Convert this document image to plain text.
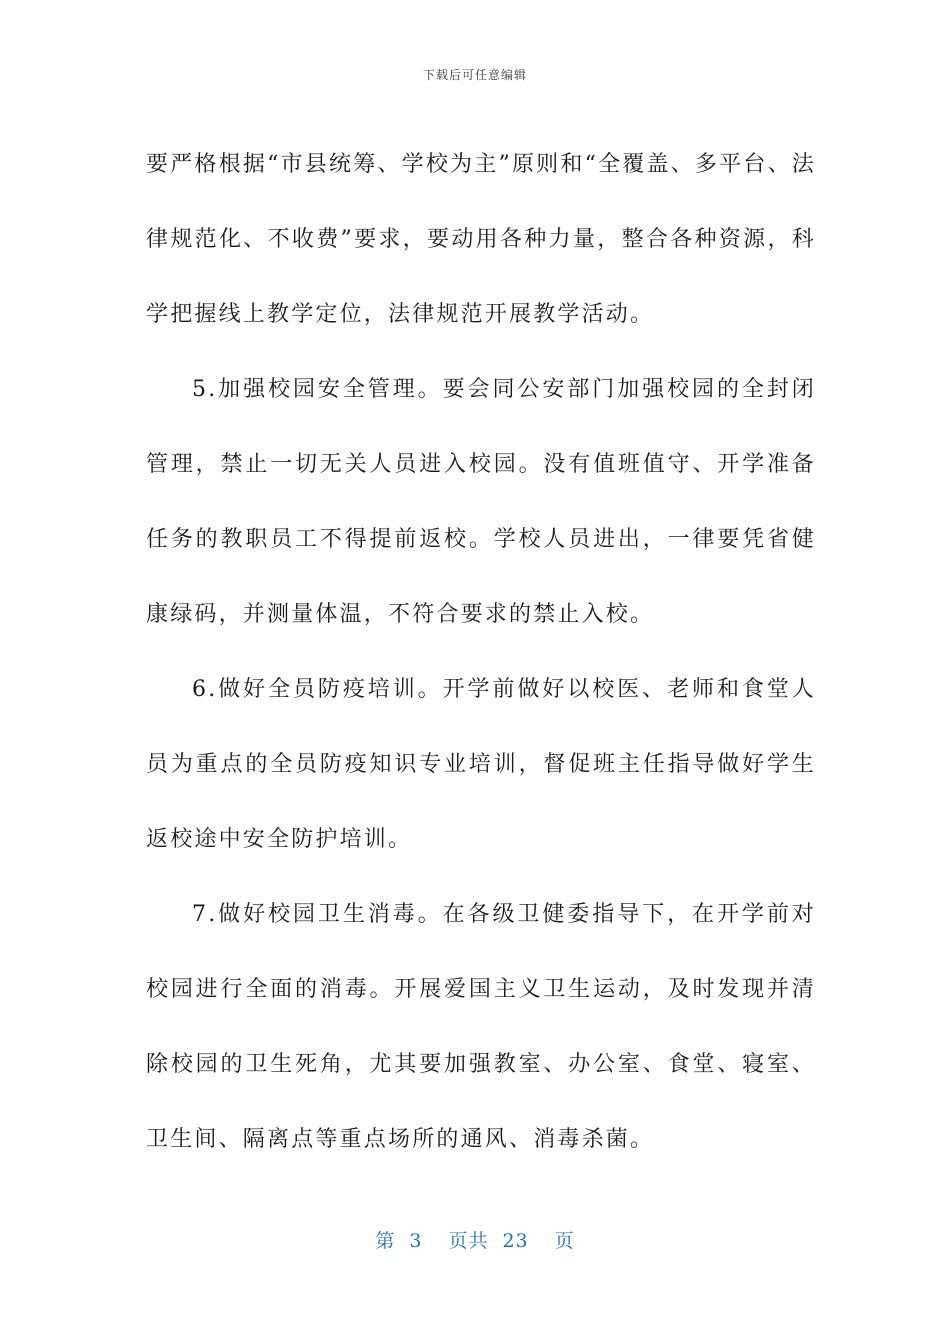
下载后可任意编辑

要严格根据“市县统筹、学校为主”原则和“全覆盖、多平台、法律规范化、不收费”要求，要动用各种力量，整合各种资源，科学把握线上教学定位，法律规范开展教学活动。

5.加强校园安全管理。要会同公安部门加强校园的全封闭管理，禁止一切无关人员进入校园。没有值班值守、开学准备任务的教职员工不得提前返校。学校人员进出，一律要凭省健康绿码，并测量体温，不符合要求的禁止入校。

6.做好全员防疫培训。开学前做好以校医、老师和食堂人员为重点的全员防疫知识专业培训，督促班主任指导做好学生返校途中安全防护培训。

7.做好校园卫生消毒。在各级卫健委指导下，在开学前对校园进行全面的消毒。开展爱国主义卫生运动，及时发现并清除校园的卫生死角，尤其要加强教室、办公室、食堂、寝室、卫生间、隔离点等重点场所的通风、消毒杀菌。

第 3 页共 23 页
